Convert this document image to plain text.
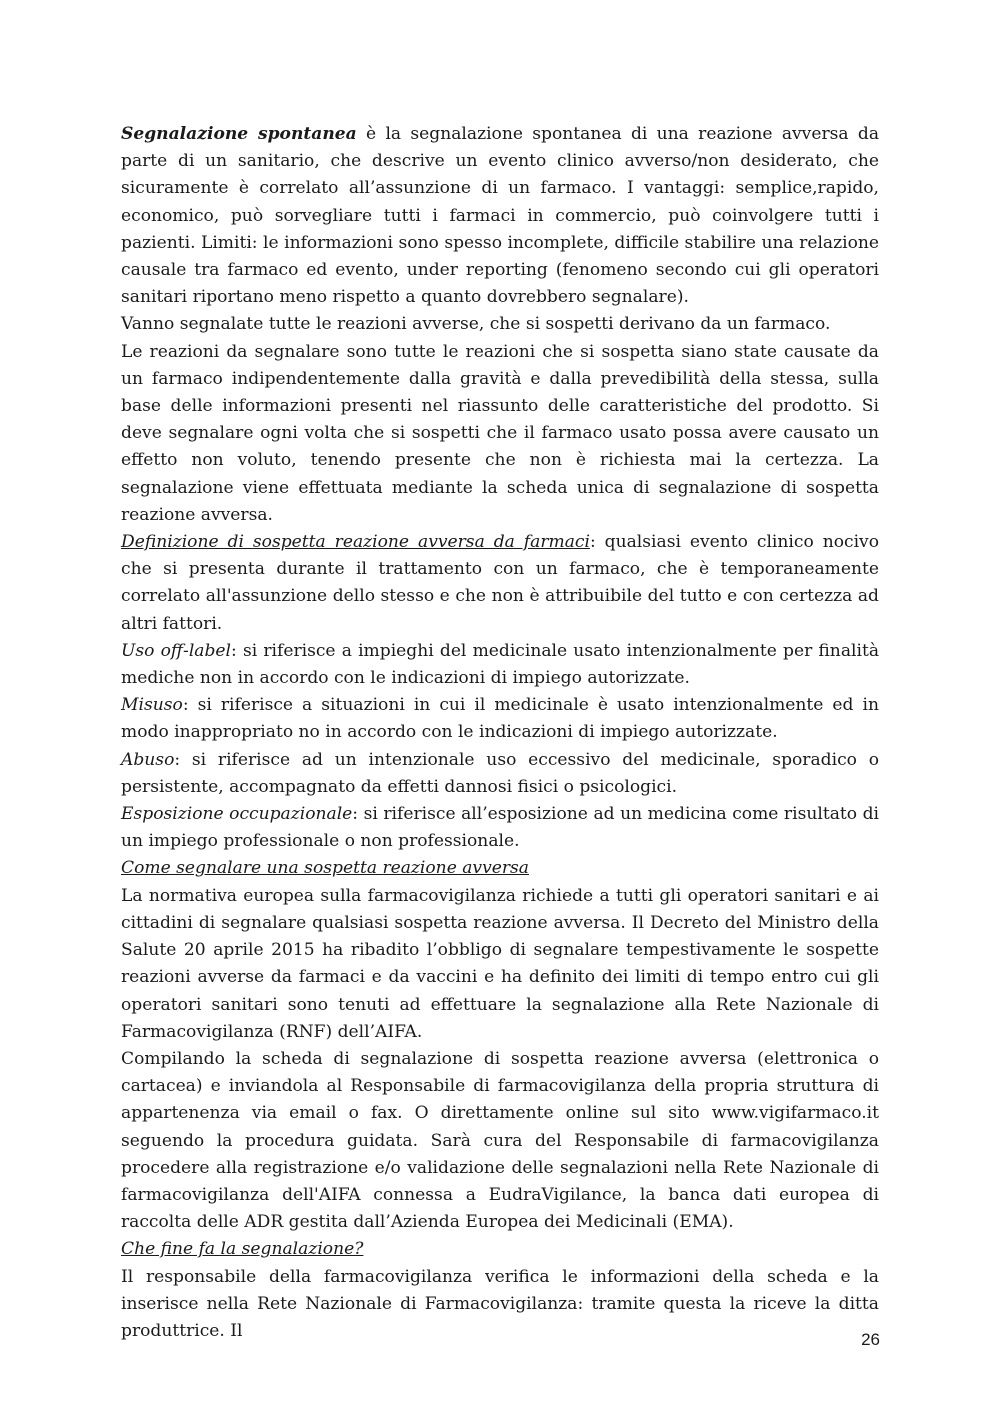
Segnalazione spontanea è la segnalazione spontanea di una reazione avversa da parte di un sanitario, che descrive un evento clinico avverso/non desiderato, che sicuramente è correlato all’assunzione di un farmaco. I vantaggi: semplice,rapido, economico, può sorvegliare tutti i farmaci in commercio, può coinvolgere tutti i pazienti. Limiti: le informazioni sono spesso incomplete, difficile stabilire una relazione causale tra farmaco ed evento, under reporting (fenomeno secondo cui gli operatori sanitari riportano meno rispetto a quanto dovrebbero segnalare).

Vanno segnalate tutte le reazioni avverse, che si sospetti derivano da un farmaco.

Le reazioni da segnalare sono tutte le reazioni che si sospetta siano state causate da un farmaco indipendentemente dalla gravità e dalla prevedibilità della stessa, sulla base delle informazioni presenti nel riassunto delle caratteristiche del prodotto. Si deve segnalare ogni volta che si sospetti che il farmaco usato possa avere causato un effetto non voluto, tenendo presente che non è richiesta mai la certezza. La segnalazione viene effettuata mediante la scheda unica di segnalazione di sospetta reazione avversa.

Definizione di sospetta reazione avversa da farmaci: qualsiasi evento clinico nocivo che si presenta durante il trattamento con un farmaco, che è temporaneamente correlato all'assunzione dello stesso e che non è attribuibile del tutto e con certezza ad altri fattori.

Uso off-label: si riferisce a impieghi del medicinale usato intenzionalmente per finalità mediche non in accordo con le indicazioni di impiego autorizzate.

Misuso: si riferisce a situazioni in cui il medicinale è usato intenzionalmente ed in modo inappropriato no in accordo con le indicazioni di impiego autorizzate.

Abuso: si riferisce ad un intenzionale uso eccessivo del medicinale, sporadico o persistente, accompagnato da effetti dannosi fisici o psicologici.

Esposizione occupazionale: si riferisce all’esposizione ad un medicina come risultato di un impiego professionale o non professionale.

Come segnalare una sospetta reazione avversa

La normativa europea sulla farmacovigilanza richiede a tutti gli operatori sanitari e ai cittadini di segnalare qualsiasi sospetta reazione avversa. Il Decreto del Ministro della Salute 20 aprile 2015 ha ribadito l’obbligo di segnalare tempestivamente le sospette reazioni avverse da farmaci e da vaccini e ha definito dei limiti di tempo entro cui gli operatori sanitari sono tenuti ad effettuare la segnalazione alla Rete Nazionale di Farmacovigilanza (RNF) dell’AIFA.

Compilando la scheda di segnalazione di sospetta reazione avversa (elettronica o cartacea) e inviandola al Responsabile di farmacovigilanza della propria struttura di appartenenza via email o fax. O direttamente online sul sito www.vigifarmaco.it seguendo la procedura guidata. Sarà cura del Responsabile di farmacovigilanza procedere alla registrazione e/o validazione delle segnalazioni nella Rete Nazionale di farmacovigilanza dell'AIFA connessa a EudraVigilance, la banca dati europea di raccolta delle ADR gestita dall’Azienda Europea dei Medicinali (EMA).

Che fine fa la segnalazione?

Il responsabile della farmacovigilanza verifica le informazioni della scheda e la inserisce nella Rete Nazionale di Farmacovigilanza: tramite questa la riceve la ditta produttrice. Il	26
